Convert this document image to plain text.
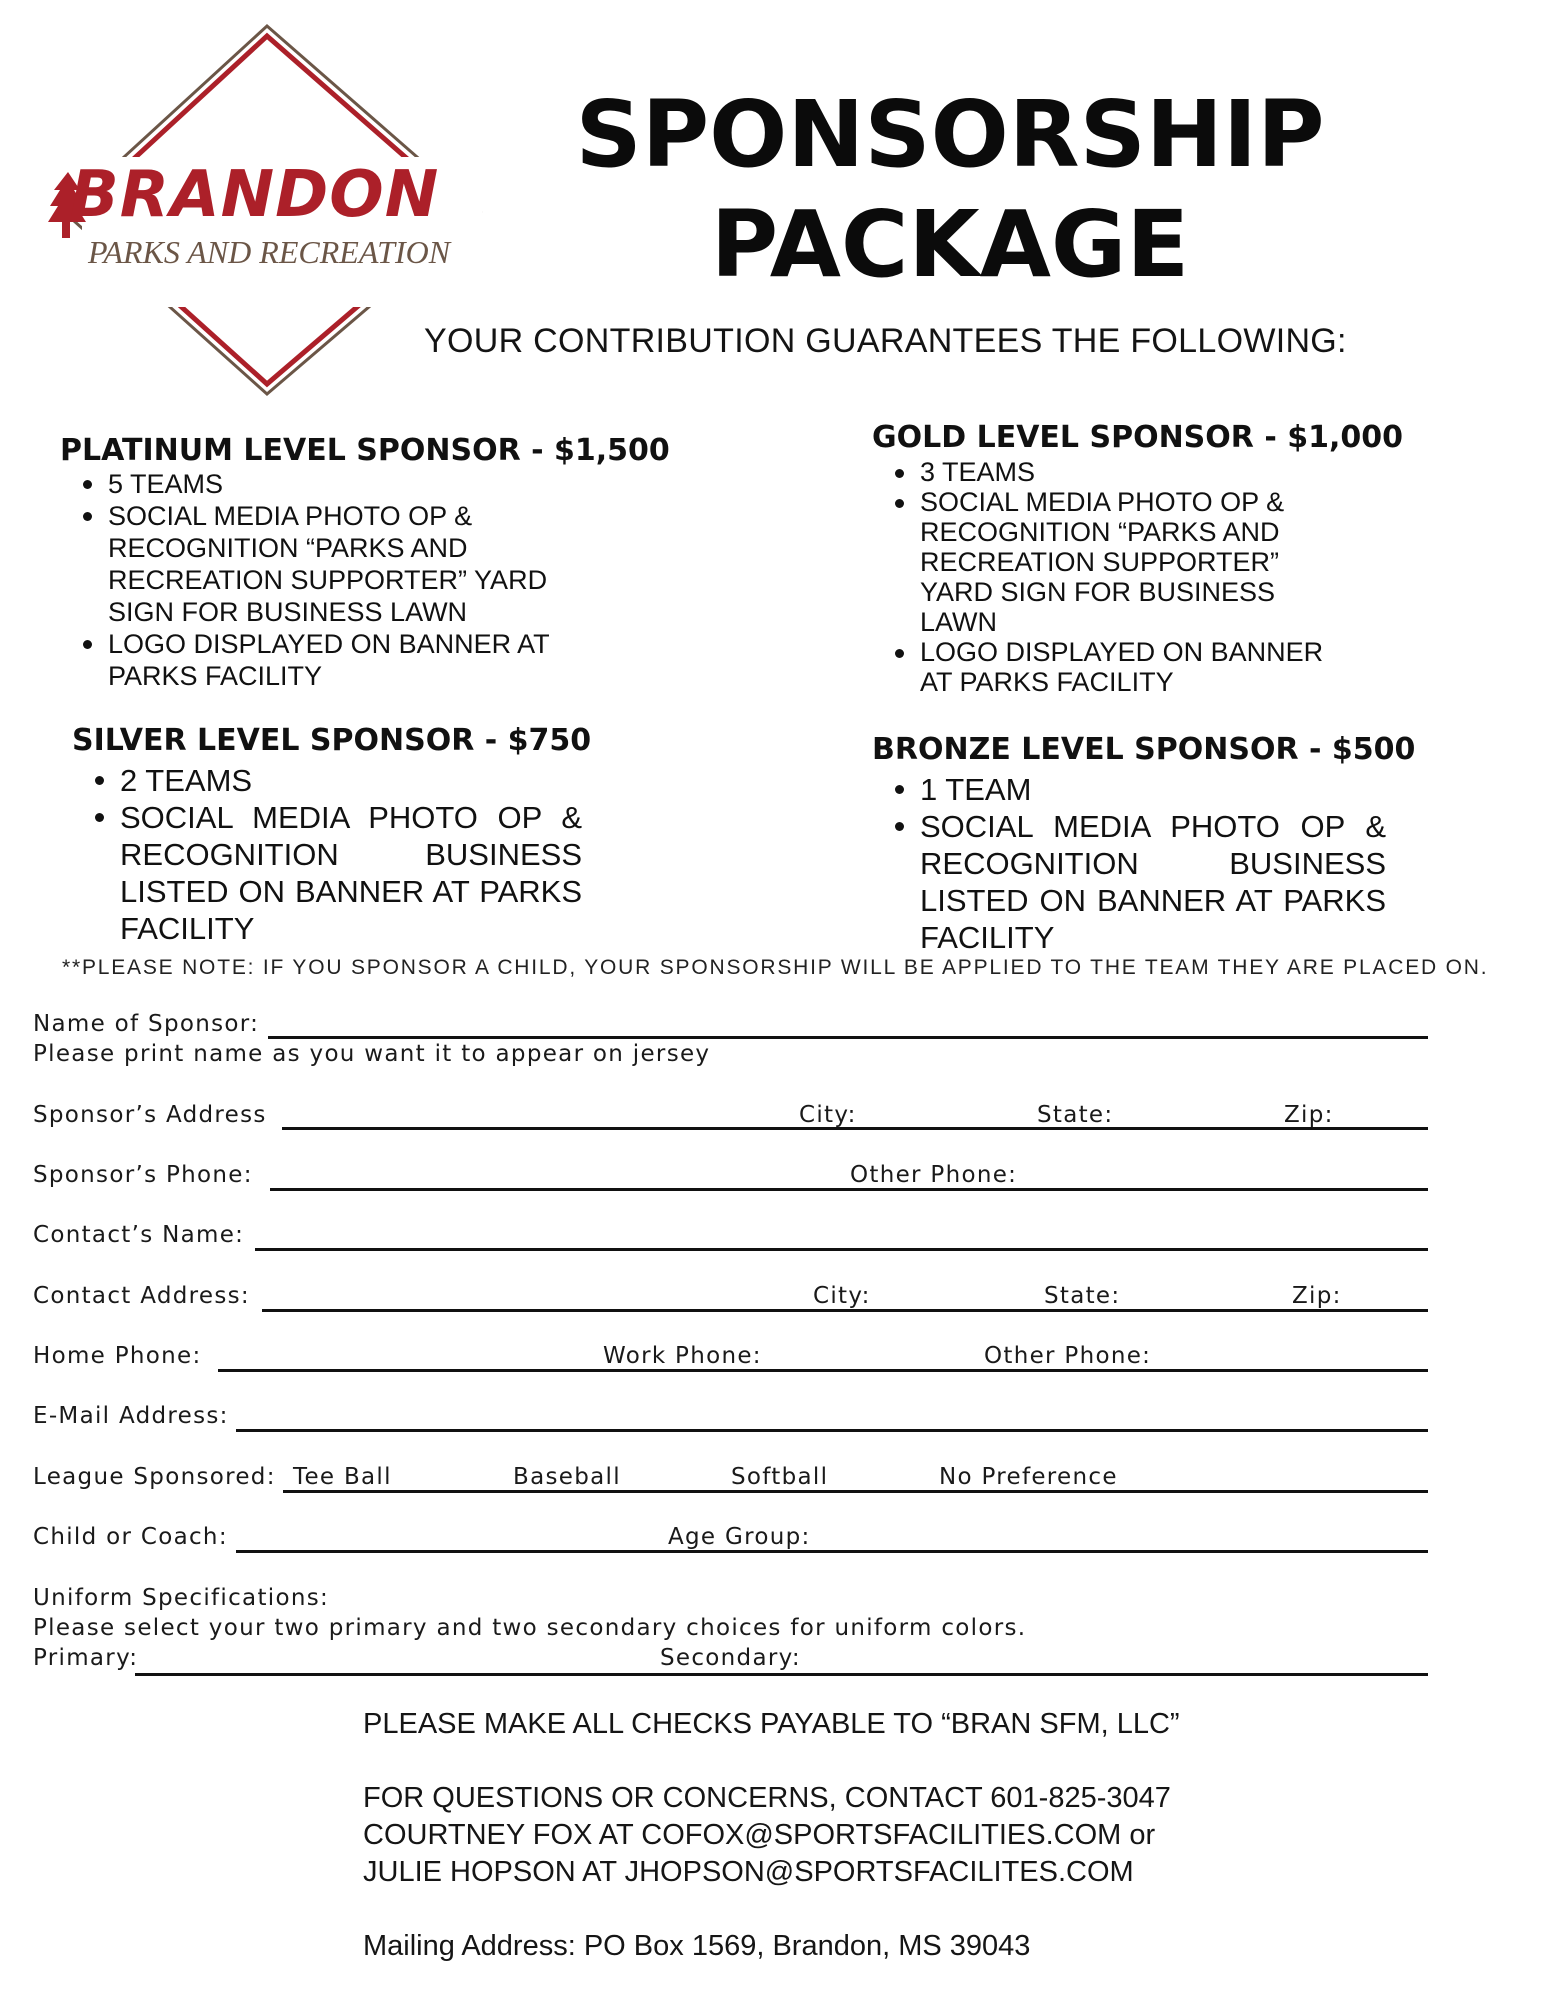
BRANDON
PARKS AND RECREATION
SPONSORSHIP
PACKAGE
YOUR CONTRIBUTION GUARANTEES THE FOLLOWING:
PLATINUM LEVEL SPONSOR - $1,500
5 TEAMS
SOCIAL MEDIA PHOTO OP & RECOGNITION “PARKS AND RECREATION SUPPORTER” YARD SIGN FOR BUSINESS LAWN
LOGO DISPLAYED ON BANNER AT PARKS FACILITY
GOLD LEVEL SPONSOR - $1,000
3 TEAMS
SOCIAL MEDIA PHOTO OP & RECOGNITION “PARKS AND RECREATION SUPPORTER” YARD SIGN FOR BUSINESS LAWN
LOGO DISPLAYED ON BANNER AT PARKS FACILITY
SILVER LEVEL SPONSOR - $750
2 TEAMS
SOCIAL MEDIA PHOTO OP & RECOGNITION BUSINESS LISTED ON BANNER AT PARKS FACILITY
BRONZE LEVEL SPONSOR - $500
1 TEAM
SOCIAL MEDIA PHOTO OP & RECOGNITION BUSINESS LISTED ON BANNER AT PARKS FACILITY
**PLEASE NOTE: IF YOU SPONSOR A CHILD, YOUR SPONSORSHIP WILL BE APPLIED TO THE TEAM THEY ARE PLACED ON.
Name of Sponsor:
Please print name as you want it to appear on jersey
Sponsor’s Address	City:	State:	Zip:
Sponsor’s Phone:	Other Phone:
Contact’s Name:
Contact Address:	City:	State:	Zip:
Home Phone:	Work Phone:	Other Phone:
E-Mail Address:
League Sponsored: Tee Ball	Baseball	Softball	No Preference
Child or Coach:	Age Group:
Uniform Specifications:
Please select your two primary and two secondary choices for uniform colors.
Primary:	Secondary:
PLEASE MAKE ALL CHECKS PAYABLE TO “BRAN SFM, LLC”
FOR QUESTIONS OR CONCERNS, CONTACT 601-825-3047
COURTNEY FOX AT COFOX@SPORTSFACILITIES.COM or
JULIE HOPSON AT JHOPSON@SPORTSFACILITES.COM
Mailing Address: PO Box 1569, Brandon, MS 39043
